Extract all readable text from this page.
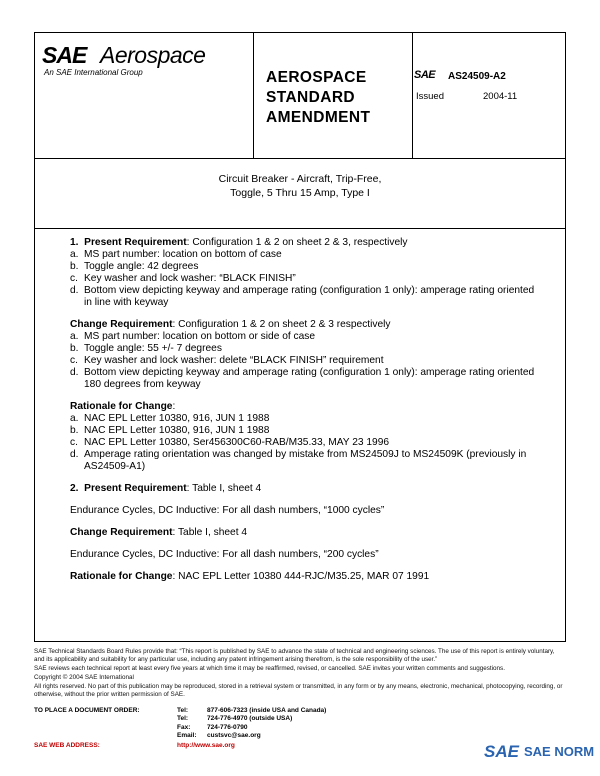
SAE Aerospace
An SAE International Group	AEROSPACE
STANDARD
AMENDMENT
SAE AS24509-A2
Issued	2004-11
Circuit Breaker - Aircraft, Trip-Free,
Toggle, 5 Thru 15 Amp, Type I

1. Present Requirement: Configuration 1 & 2 on sheet 2 & 3, respectively

a. MS part number: location on bottom of case
b. Toggle angle: 42 degrees
c. Key washer and lock washer: “BLACK FINISH”
d. Bottom view depicting keyway and amperage rating (configuration 1 only): amperage rating oriented in line with keyway

Change Requirement: Configuration 1 & 2 on sheet 2 & 3 respectively

a. MS part number: location on bottom or side of case
b. Toggle angle: 55 +/- 7 degrees
c. Key washer and lock washer: delete “BLACK FINISH” requirement
d. Bottom view depicting keyway and amperage rating (configuration 1 only): amperage rating oriented 180 degrees from keyway

Rationale for Change:

a. NAC EPL Letter 10380, 916, JUN 1 1988
b. NAC EPL Letter 10380, 916, JUN 1 1988
c. NAC EPL Letter 10380, Ser456300C60-RAB/M35.33, MAY 23 1996
d. Amperage rating orientation was changed by mistake from MS24509J to MS24509K (previously in AS24509-A1)

2. Present Requirement: Table I, sheet 4

Endurance Cycles, DC Inductive: For all dash numbers, “1000 cycles”

Change Requirement: Table I, sheet 4

Endurance Cycles, DC Inductive: For all dash numbers, “200 cycles”

Rationale for Change: NAC EPL Letter 10380 444-RJC/M35.25, MAR 07 1991

SAE Technical Standards Board Rules provide that: “This report is published by SAE to advance the state of technical and engineering sciences. The use of this report is entirely voluntary, and its applicability and suitability for any particular use, including any patent infringement arising therefrom, is the sole responsibility of the user.”

SAE reviews each technical report at least every five years at which time it may be reaffirmed, revised, or cancelled. SAE invites your written comments and suggestions.

Copyright © 2004 SAE International

All rights reserved. No part of this publication may be reproduced, stored in a retrieval system or transmitted, in any form or by any means, electronic, mechanical, photocopying, recording, or otherwise, without the prior written permission of SAE.

TO PLACE A DOCUMENT ORDER:	Tel:	877-606-7323 (inside USA and Canada)
Tel:	724-776-4970 (outside USA)
Fax:	724-776-0790
Email:	custsvc@sae.org
SAE WEB ADDRESS:	http://www.sae.org	SAE SAE NORM
